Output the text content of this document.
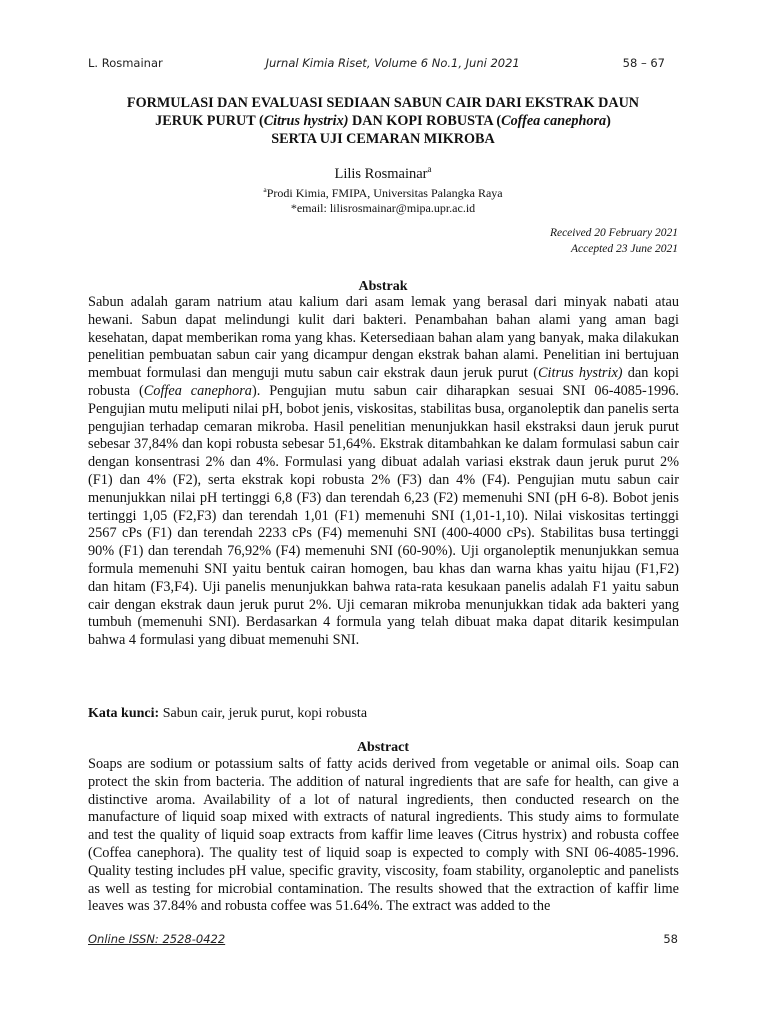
L. Rosmainar	Jurnal Kimia Riset, Volume 6 No.1, Juni 2021	58 – 67
FORMULASI DAN EVALUASI SEDIAAN SABUN CAIR DARI EKSTRAK DAUN
JERUK PURUT (Citrus hystrix) DAN KOPI ROBUSTA (Coffea canephora)
SERTA UJI CEMARAN MIKROBA
Lilis Rosmainar$^a$
$^a$Prodi Kimia, FMIPA, Universitas Palangka Raya
*email: lilisrosmainar@mipa.upr.ac.id
Received 20 February 2021
Accepted 23 June 2021
Abstrak

Sabun adalah garam natrium atau kalium dari asam lemak yang berasal dari minyak nabati atau hewani. Sabun dapat melindungi kulit dari bakteri. Penambahan bahan alami yang aman bagi kesehatan, dapat memberikan roma yang khas. Ketersediaan bahan alam yang banyak, maka dilakukan penelitian pembuatan sabun cair yang dicampur dengan ekstrak bahan alami. Penelitian ini bertujuan membuat formulasi dan menguji mutu sabun cair ekstrak daun jeruk purut (Citrus hystrix) dan kopi robusta (Coffea canephora). Pengujian mutu sabun cair diharapkan sesuai SNI 06-4085-1996. Pengujian mutu meliputi nilai pH, bobot jenis, viskositas, stabilitas busa, organoleptik dan panelis serta pengujian terhadap cemaran mikroba. Hasil penelitian menunjukkan hasil ekstraksi daun jeruk purut sebesar 37,84% dan kopi robusta sebesar 51,64%. Ekstrak ditambahkan ke dalam formulasi sabun cair dengan konsentrasi 2% dan 4%. Formulasi yang dibuat adalah variasi ekstrak daun jeruk purut 2% (F1) dan 4% (F2), serta ekstrak kopi robusta 2% (F3) dan 4% (F4). Pengujian mutu sabun cair menunjukkan nilai pH tertinggi 6,8 (F3) dan terendah 6,23 (F2) memenuhi SNI (pH 6-8). Bobot jenis tertinggi 1,05 (F2,F3) dan terendah 1,01 (F1) memenuhi SNI (1,01-1,10). Nilai viskositas tertinggi 2567 cPs (F1) dan terendah 2233 cPs (F4) memenuhi SNI (400-4000 cPs). Stabilitas busa tertinggi 90% (F1) dan terendah 76,92% (F4) memenuhi SNI (60-90%). Uji organoleptik menunjukkan semua formula memenuhi SNI yaitu bentuk cairan homogen, bau khas dan warna khas yaitu hijau (F1,F2) dan hitam (F3,F4). Uji panelis menunjukkan bahwa rata-rata kesukaan panelis adalah F1 yaitu sabun cair dengan ekstrak daun jeruk purut 2%. Uji cemaran mikroba menunjukkan tidak ada bakteri yang tumbuh (memenuhi SNI). Berdasarkan 4 formula yang telah dibuat maka dapat ditarik kesimpulan bahwa 4 formulasi yang dibuat memenuhi SNI.

Kata kunci: Sabun cair, jeruk purut, kopi robusta
Abstract

Soaps are sodium or potassium salts of fatty acids derived from vegetable or animal oils. Soap can protect the skin from bacteria. The addition of natural ingredients that are safe for health, can give a distinctive aroma. Availability of a lot of natural ingredients, then conducted research on the manufacture of liquid soap mixed with extracts of natural ingredients. This study aims to formulate and test the quality of liquid soap extracts from kaffir lime leaves (Citrus hystrix) and robusta coffee (Coffea canephora). The quality test of liquid soap is expected to comply with SNI 06-4085-1996. Quality testing includes pH value, specific gravity, viscosity, foam stability, organoleptic and panelists as well as testing for microbial contamination. The results showed that the extraction of kaffir lime leaves was 37.84% and robusta coffee was 51.64%. The extract was added to the

Online ISSN: 2528-0422	58
